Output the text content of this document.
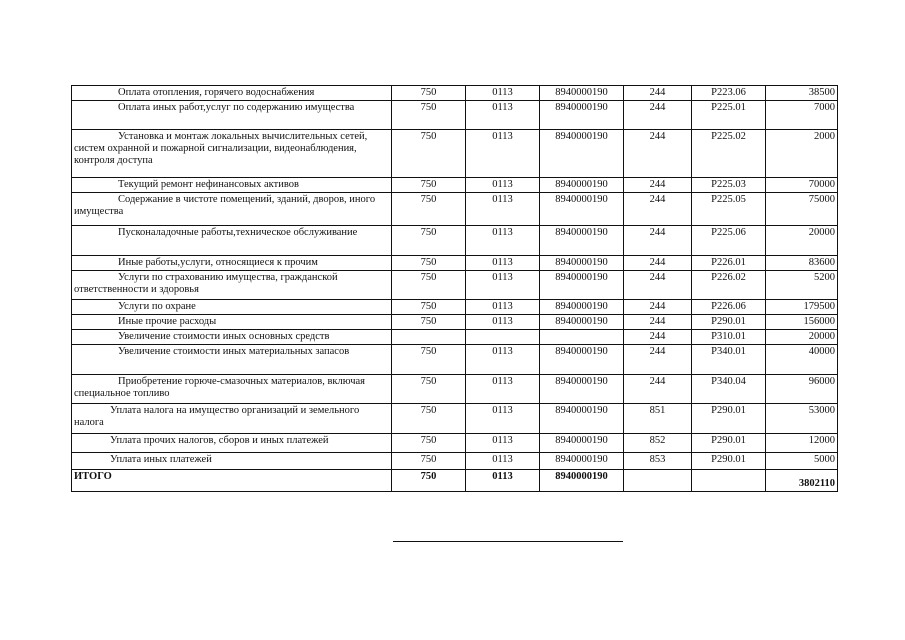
Оплата отопления, горячего водоснабжения	750	0113	8940000190	244	Р223.06	38500
Оплата иных работ,услуг по содержанию имущества	750	0113	8940000190	244	Р225.01	7000
Установка и монтаж локальных вычислительных сетей, систем охранной и пожарной сигнализации, видеонаблюдения, контроля доступа	750	0113	8940000190	244	Р225.02	2000
Текущий ремонт нефинансовых активов	750	0113	8940000190	244	Р225.03	70000
Содержание в чистоте помещений, зданий, дворов, иного имущества	750	0113	8940000190	244	Р225.05	75000
Пусконаладочные работы,техническое обслуживание	750	0113	8940000190	244	Р225.06	20000
Иные работы,услуги, относящиеся к прочим	750	0113	8940000190	244	Р226.01	83600
Услуги по страхованию имущества, гражданской ответственности и здоровья	750	0113	8940000190	244	Р226.02	5200
Услуги по охране	750	0113	8940000190	244	Р226.06	179500
Иные прочие расходы	750	0113	8940000190	244	Р290.01	156000
Увеличение стоимости иных основных средств				244	Р310.01	20000
Увеличение стоимости иных материальных запасов	750	0113	8940000190	244	Р340.01	40000
Приобретение горюче-смазочных материалов, включая специальное топливо	750	0113	8940000190	244	Р340.04	96000
Уплата налога на имущество организаций и земельного налога	750	0113	8940000190	851	Р290.01	53000
Уплата прочих налогов, сборов и иных платежей	750	0113	8940000190	852	Р290.01	12000
Уплата иных платежей	750	0113	8940000190	853	Р290.01	5000
ИТОГО	750	0113	8940000190			3802110
